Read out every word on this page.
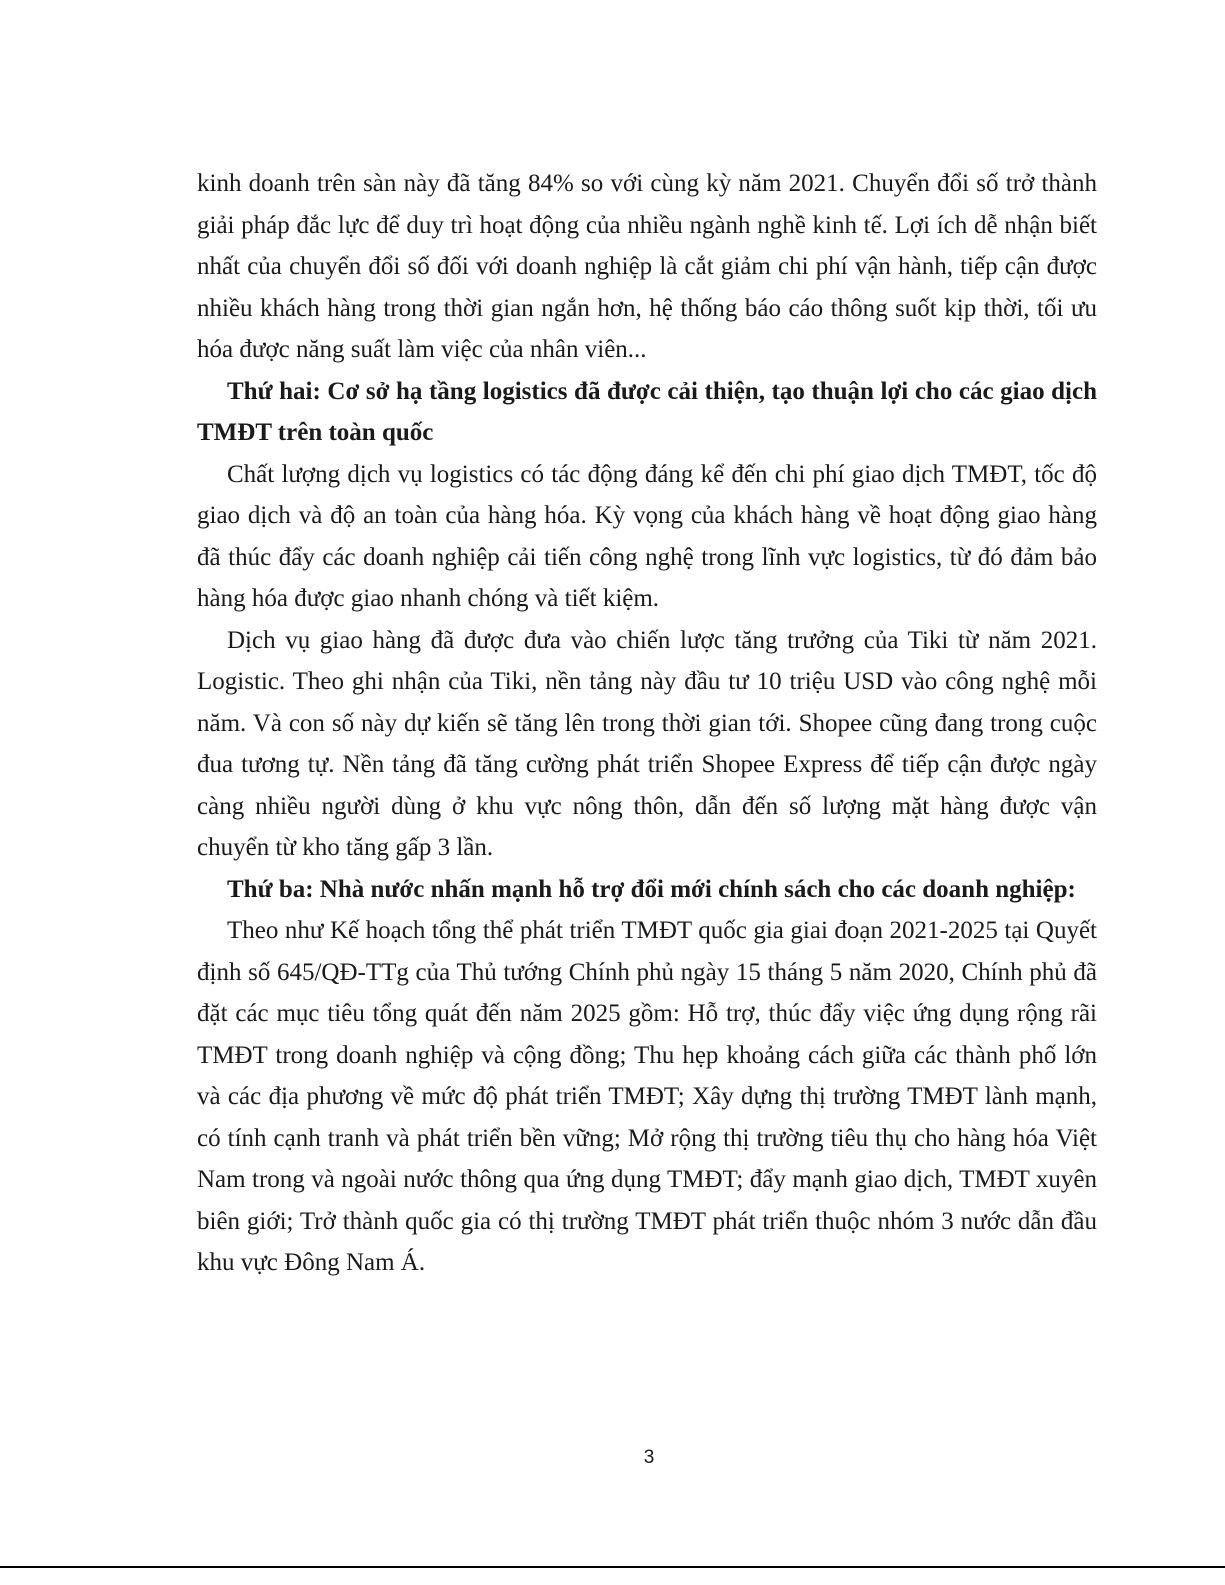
kinh doanh trên sàn này đã tăng 84% so với cùng kỳ năm 2021. Chuyển đổi số trở thành giải pháp đắc lực để duy trì hoạt động của nhiều ngành nghề kinh tế. Lợi ích dễ nhận biết nhất của chuyển đổi số đối với doanh nghiệp là cắt giảm chi phí vận hành, tiếp cận được nhiều khách hàng trong thời gian ngắn hơn, hệ thống báo cáo thông suốt kịp thời, tối ưu hóa được năng suất làm việc của nhân viên...

Thứ hai: Cơ sở hạ tầng logistics đã được cải thiện, tạo thuận lợi cho các giao dịch TMĐT trên toàn quốc

Chất lượng dịch vụ logistics có tác động đáng kể đến chi phí giao dịch TMĐT, tốc độ giao dịch và độ an toàn của hàng hóa. Kỳ vọng của khách hàng về hoạt động giao hàng đã thúc đẩy các doanh nghiệp cải tiến công nghệ trong lĩnh vực logistics, từ đó đảm bảo hàng hóa được giao nhanh chóng và tiết kiệm.

Dịch vụ giao hàng đã được đưa vào chiến lược tăng trưởng của Tiki từ năm 2021. Logistic. Theo ghi nhận của Tiki, nền tảng này đầu tư 10 triệu USD vào công nghệ mỗi năm. Và con số này dự kiến sẽ tăng lên trong thời gian tới. Shopee cũng đang trong cuộc đua tương tự. Nền tảng đã tăng cường phát triển Shopee Express để tiếp cận được ngày càng nhiều người dùng ở khu vực nông thôn, dẫn đến số lượng mặt hàng được vận chuyển từ kho tăng gấp 3 lần.

Thứ ba: Nhà nước nhấn mạnh hỗ trợ đổi mới chính sách cho các doanh nghiệp:

Theo như Kế hoạch tổng thể phát triển TMĐT quốc gia giai đoạn 2021-2025 tại Quyết định số 645/QĐ-TTg của Thủ tướng Chính phủ ngày 15 tháng 5 năm 2020, Chính phủ đã đặt các mục tiêu tổng quát đến năm 2025 gồm: Hỗ trợ, thúc đẩy việc ứng dụng rộng rãi TMĐT trong doanh nghiệp và cộng đồng; Thu hẹp khoảng cách giữa các thành phố lớn và các địa phương về mức độ phát triển TMĐT; Xây dựng thị trường TMĐT lành mạnh, có tính cạnh tranh và phát triển bền vững; Mở rộng thị trường tiêu thụ cho hàng hóa Việt Nam trong và ngoài nước thông qua ứng dụng TMĐT; đẩy mạnh giao dịch, TMĐT xuyên biên giới; Trở thành quốc gia có thị trường TMĐT phát triển thuộc nhóm 3 nước dẫn đầu khu vực Đông Nam Á.

3
